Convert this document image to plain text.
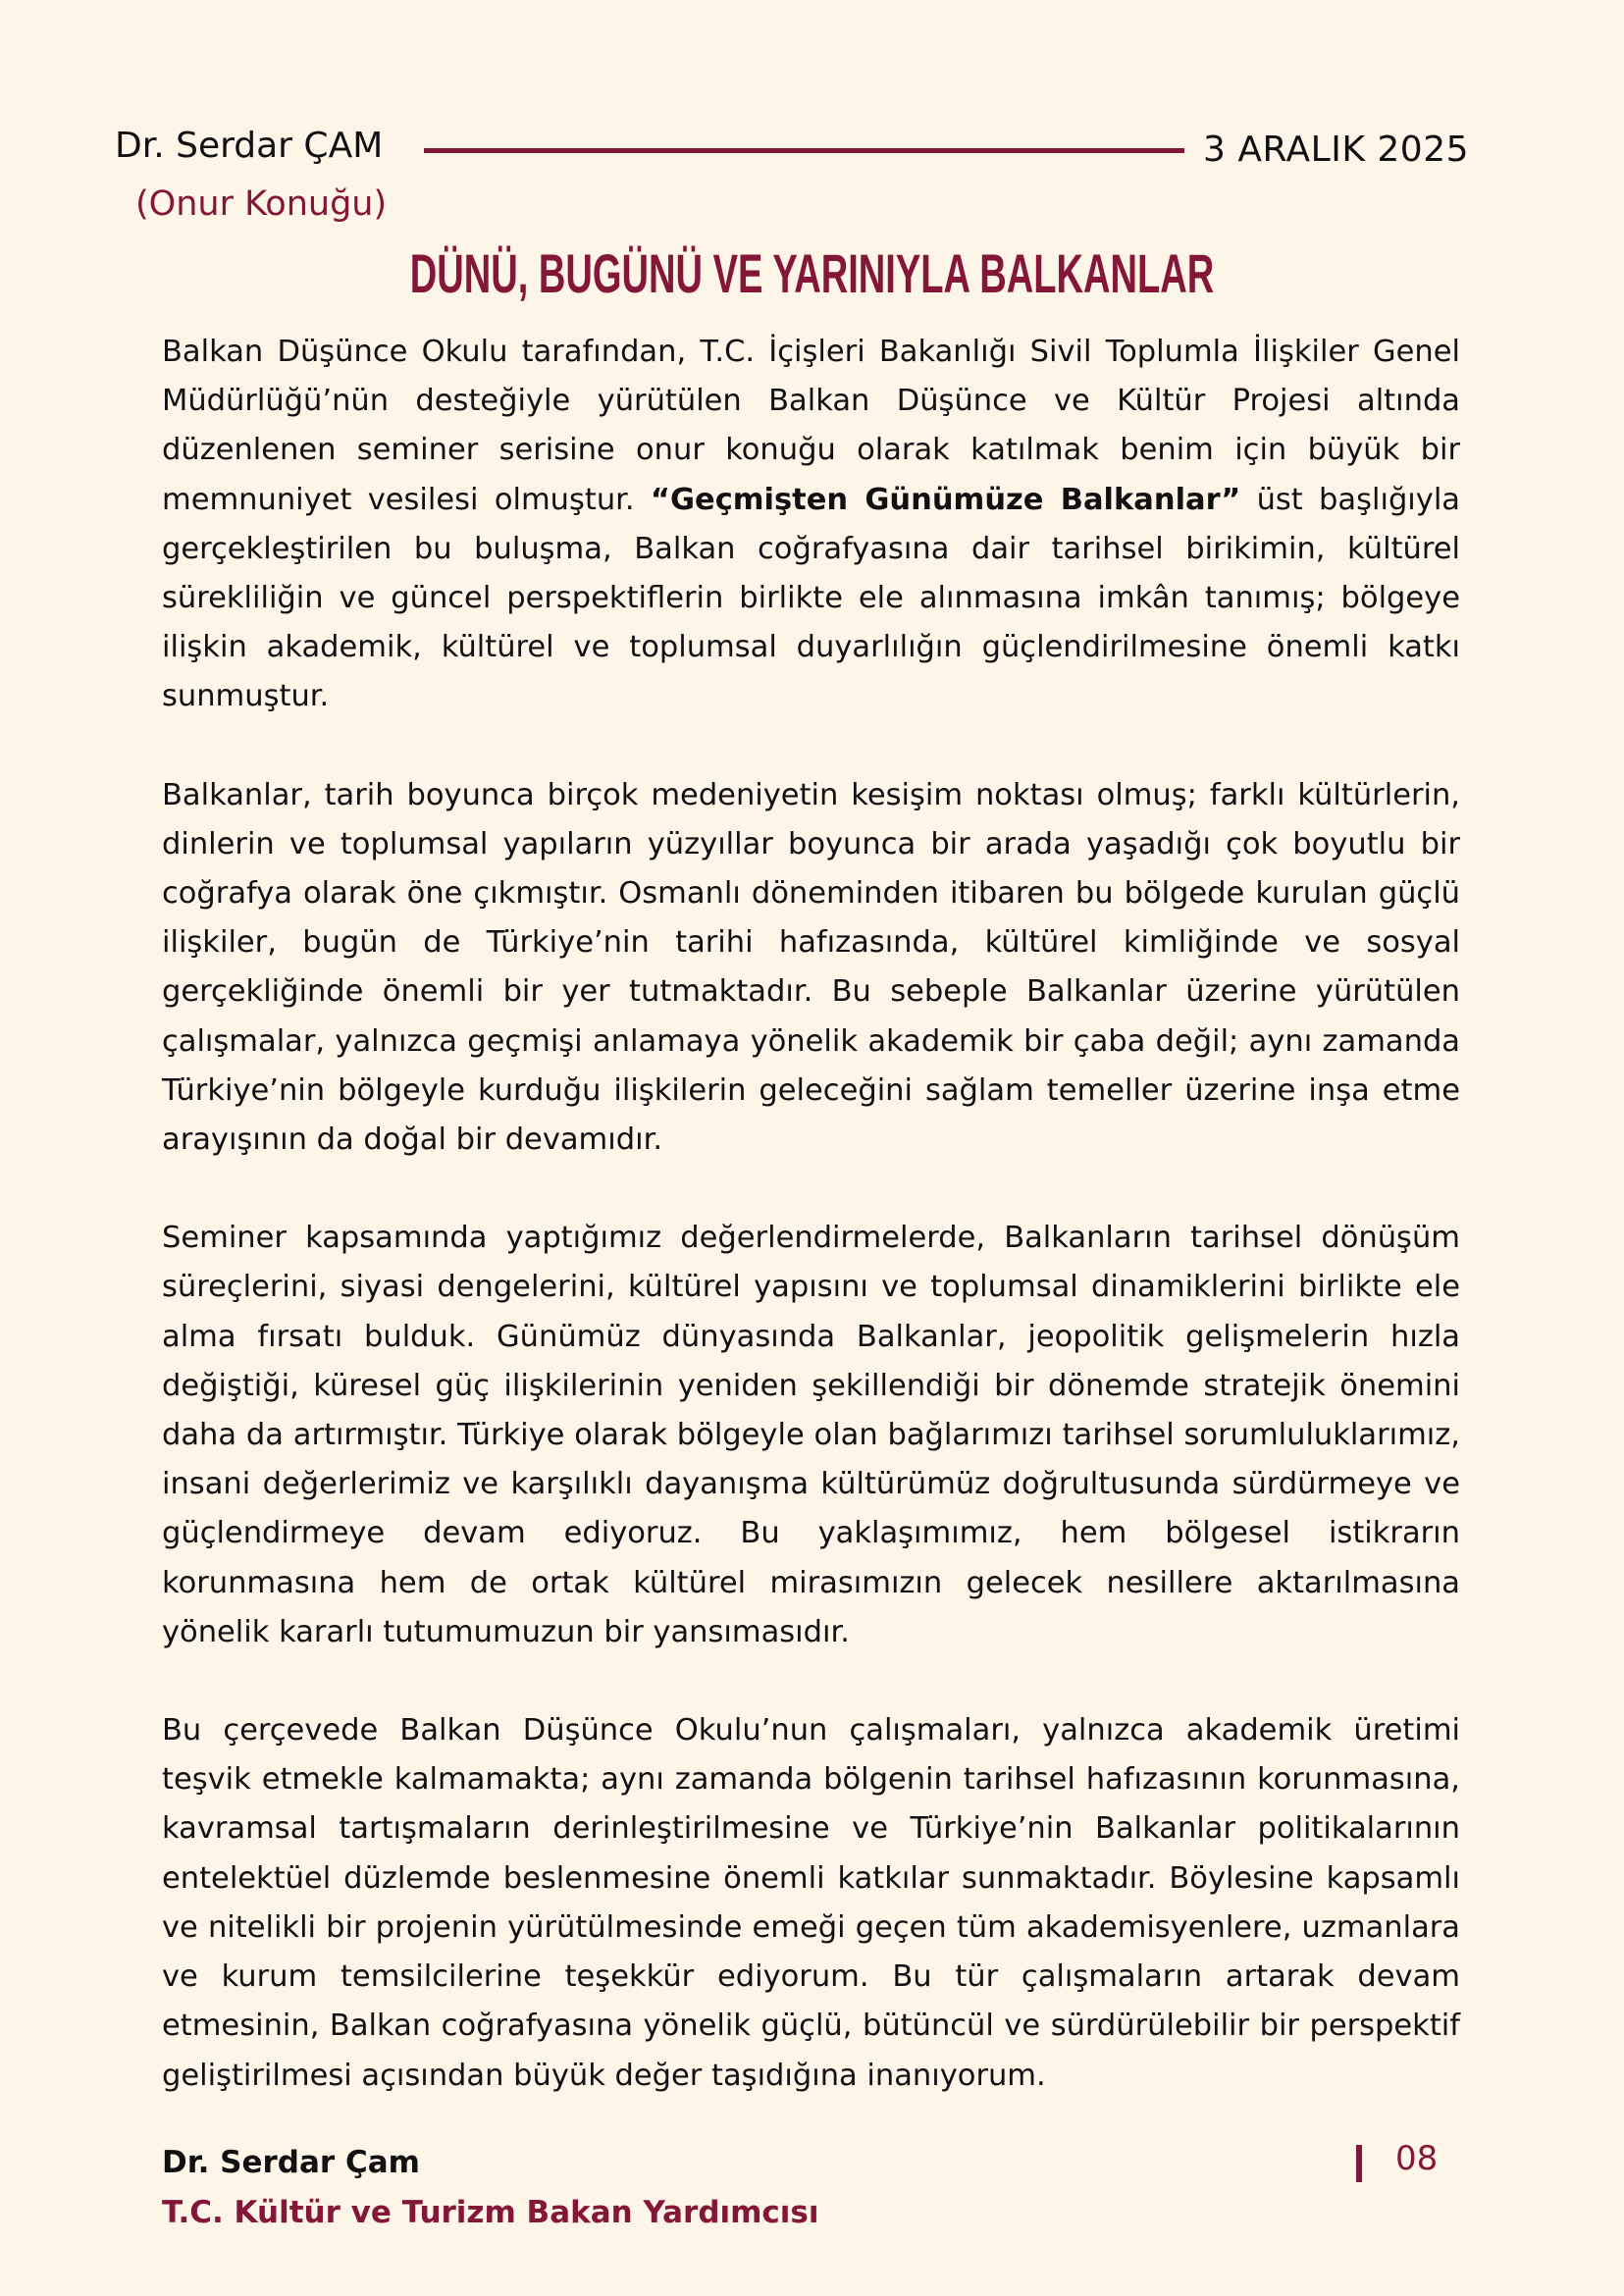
Dr. Serdar ÇAM
(Onur Konuğu)
3 ARALIK 2025
DÜNÜ, BUGÜNÜ VE YARINIYLA BALKANLAR

Balkan Düşünce Okulu tarafından, T.C. İçişleri Bakanlığı Sivil Toplumla İlişkiler Genel Müdürlüğü’nün desteğiyle yürütülen Balkan Düşünce ve Kültür Projesi altında düzenlenen seminer serisine onur konuğu olarak katılmak benim için büyük bir memnuniyet vesilesi olmuştur. “Geçmişten Günümüze Balkanlar” üst başlığıyla gerçekleştirilen bu buluşma, Balkan coğrafyasına dair tarihsel birikimin, kültürel sürekliliğin ve güncel perspektiflerin birlikte ele alınmasına imkân tanımış; bölgeye ilişkin akademik, kültürel ve toplumsal duyarlılığın güçlendirilmesine önemli katkı sunmuştur.

Balkanlar, tarih boyunca birçok medeniyetin kesişim noktası olmuş; farklı kültürlerin, dinlerin ve toplumsal yapıların yüzyıllar boyunca bir arada yaşadığı çok boyutlu bir coğrafya olarak öne çıkmıştır. Osmanlı döneminden itibaren bu bölgede kurulan güçlü ilişkiler, bugün de Türkiye’nin tarihi hafızasında, kültürel kimliğinde ve sosyal gerçekliğinde önemli bir yer tutmaktadır. Bu sebeple Balkanlar üzerine yürütülen çalışmalar, yalnızca geçmişi anlamaya yönelik akademik bir çaba değil; aynı zamanda Türkiye’nin bölgeyle kurduğu ilişkilerin geleceğini sağlam temeller üzerine inşa etme arayışının da doğal bir devamıdır.

Seminer kapsamında yaptığımız değerlendirmelerde, Balkanların tarihsel dönüşüm süreçlerini, siyasi dengelerini, kültürel yapısını ve toplumsal dinamiklerini birlikte ele alma fırsatı bulduk. Günümüz dünyasında Balkanlar, jeopolitik gelişmelerin hızla değiştiği, küresel güç ilişkilerinin yeniden şekillendiği bir dönemde stratejik önemini daha da artırmıştır. Türkiye olarak bölgeyle olan bağlarımızı tarihsel sorumluluklarımız, insani değerlerimiz ve karşılıklı dayanışma kültürümüz doğrultusunda sürdürmeye ve güçlendirmeye devam ediyoruz. Bu yaklaşımımız, hem bölgesel istikrarın korunmasına hem de ortak kültürel mirasımızın gelecek nesillere aktarılmasına yönelik kararlı tutumumuzun bir yansımasıdır.

Bu çerçevede Balkan Düşünce Okulu’nun çalışmaları, yalnızca akademik üretimi teşvik etmekle kalmamakta; aynı zamanda bölgenin tarihsel hafızasının korunmasına, kavramsal tartışmaların derinleştirilmesine ve Türkiye’nin Balkanlar politikalarının entelektüel düzlemde beslenmesine önemli katkılar sunmaktadır. Böylesine kapsamlı ve nitelikli bir projenin yürütülmesinde emeği geçen tüm akademisyenlere, uzmanlara ve kurum temsilcilerine teşekkür ediyorum. Bu tür çalışmaların artarak devam etmesinin, Balkan coğrafyasına yönelik güçlü, bütüncül ve sürdürülebilir bir perspektif geliştirilmesi açısından büyük değer taşıdığına inanıyorum.

Dr. Serdar Çam
T.C. Kültür ve Turizm Bakan Yardımcısı
08
